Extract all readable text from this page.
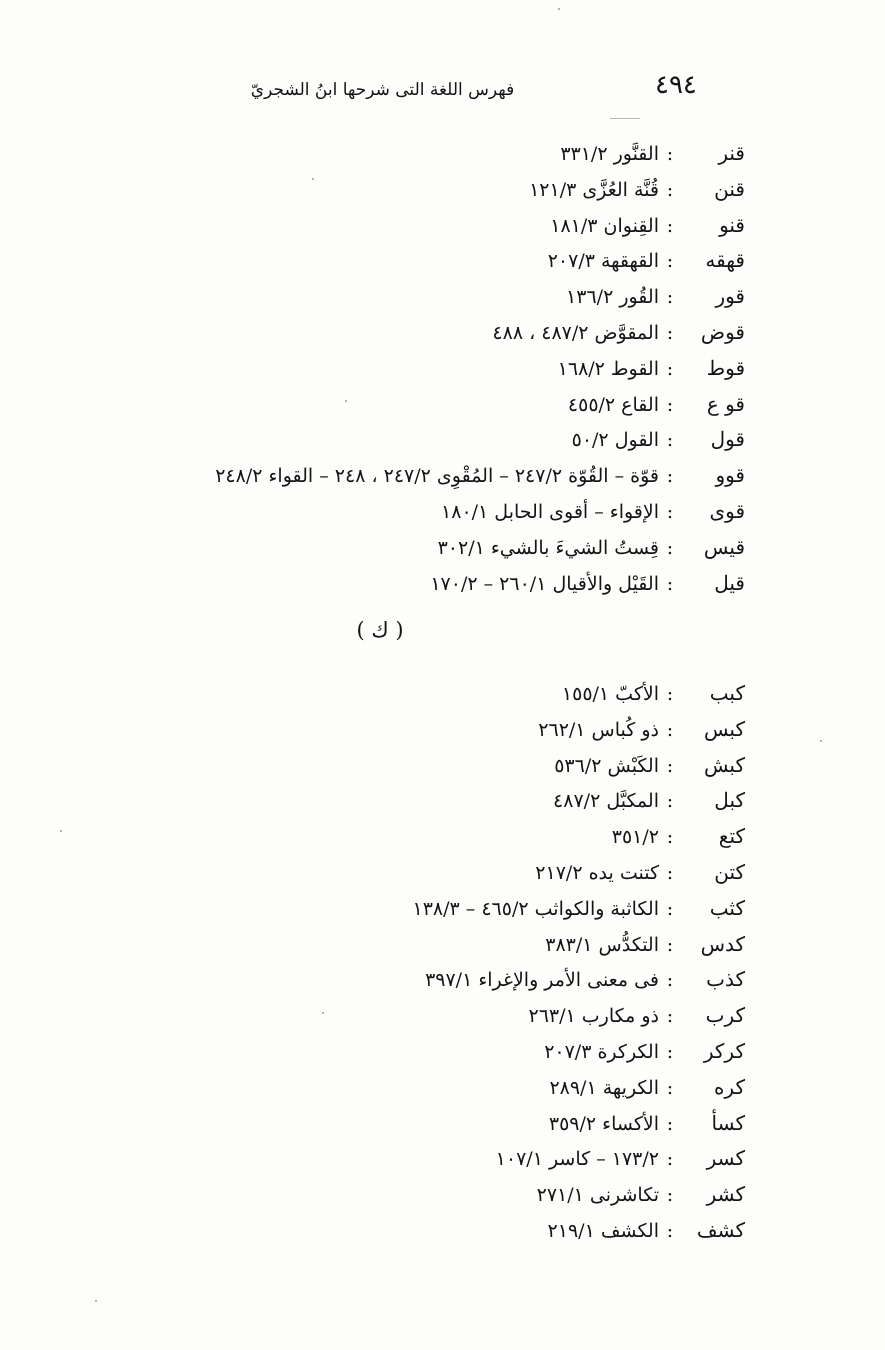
٤٩٤
فهرس اللغة التى شرحها ابنُ الشجريّ
قنر:القنَّور ٣٣١/٢
قنن:قُنَّة العُزَّى ١٢١/٣
قنو:القِنوان ١٨١/٣
قهقه:القهقهة ٢٠٧/٣
قور:القُور ١٣٦/٢
قوض:المقوَّض ٤٨٧/٢ ، ٤٨٨
قوط:القوط ١٦٨/٢
قو ع:القاع ٤٥٥/٢
قول:القول ٥٠/٢
قوو:قوّة – القُوّة ٢٤٧/٢ – المُقْوِى ٢٤٧/٢ ، ٢٤٨ – القواء ٢٤٨/٢
قوى:الإقواء – أقوى الحابل ١٨٠/١
قيس:قِستُ الشيءَ بالشيء ٣٠٢/١
قيل:القَيْل والأقيال ٢٦٠/١ – ١٧٠/٢
( ك )
كبب:الأكبّ ١٥٥/١
كبس:ذو كُباس ٢٦٢/١
كبش:الكَبْش ٥٣٦/٢
كبل:المكبَّل ٤٨٧/٢
كتع:٣٥١/٢
كتن:كتنت يده ٢١٧/٢
كثب:الكاثبة والكواثب ٤٦٥/٢ – ١٣٨/٣
كدس:التكدُّس ٣٨٣/١
كذب:فى معنى الأمر والإغراء ٣٩٧/١
كرب:ذو مكارب ٢٦٣/١
كركر:الكركرة ٢٠٧/٣
كره:الكريهة ٢٨٩/١
كسأ:الأكساء ٣٥٩/٢
كسر:١٧٣/٢ – كاسر ١٠٧/١
كشر:تكاشرنى ٢٧١/١
كشف:الكشف ٢١٩/١
